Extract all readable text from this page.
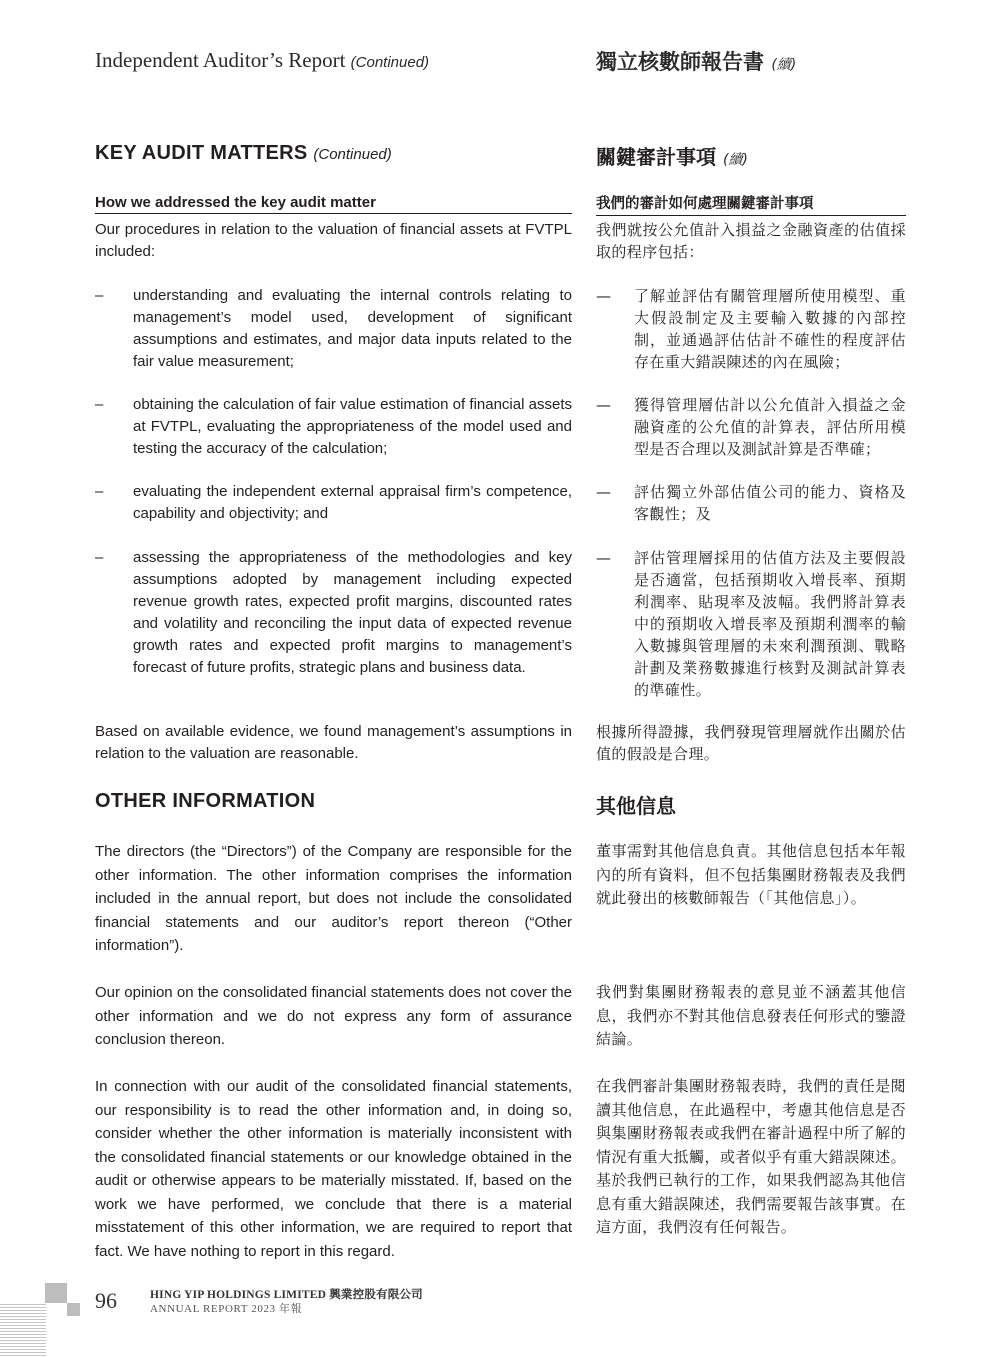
Independent Auditor’s Report (Continued)	獨立核數師報告書 (續)
KEY AUDIT MATTERS (Continued)	關鍵審計事項 (續)
How we addressed the key audit matter	我們的審計如何處理關鍵審計事項
Our procedures in relation to the valuation of financial assets at FVTPL included:
我們就按公允值計入損益之金融資產的估值採取的程序包括：
– understanding and evaluating the internal controls relating to management’s model used, development of significant assumptions and estimates, and major data inputs related to the fair value measurement;
— 了解並評估有關管理層所使用模型、重大假設制定及主要輸入數據的內部控制，並通過評估估計不確性的程度評估存在重大錯誤陳述的內在風險；
– obtaining the calculation of fair value estimation of financial assets at FVTPL, evaluating the appropriateness of the model used and testing the accuracy of the calculation;
— 獲得管理層估計以公允值計入損益之金融資產的公允值的計算表，評估所用模型是否合理以及測試計算是否準確；
– evaluating the independent external appraisal firm’s competence, capability and objectivity; and
— 評估獨立外部估值公司的能力、資格及客觀性；及
– assessing the appropriateness of the methodologies and key assumptions adopted by management including expected revenue growth rates, expected profit margins, discounted rates and volatility and reconciling the input data of expected revenue growth rates and expected profit margins to management’s forecast of future profits, strategic plans and business data.
— 評估管理層採用的估值方法及主要假設是否適當，包括預期收入增長率、預期利潤率、貼現率及波幅。我們將計算表中的預期收入增長率及預期利潤率的輸入數據與管理層的未來利潤預測、戰略計劃及業務數據進行核對及測試計算表的準確性。
Based on available evidence, we found management’s assumptions in relation to the valuation are reasonable.
根據所得證據，我們發現管理層就作出關於估值的假設是合理。
OTHER INFORMATION	其他信息
The directors (the “Directors”) of the Company are responsible for the other information. The other information comprises the information included in the annual report, but does not include the consolidated financial statements and our auditor’s report thereon (“Other information”).
董事需對其他信息負責。其他信息包括本年報內的所有資料，但不包括集團財務報表及我們就此發出的核數師報告（「其他信息」）。
Our opinion on the consolidated financial statements does not cover the other information and we do not express any form of assurance conclusion thereon.
我們對集團財務報表的意見並不涵蓋其他信息，我們亦不對其他信息發表任何形式的鑒證結論。
In connection with our audit of the consolidated financial statements, our responsibility is to read the other information and, in doing so, consider whether the other information is materially inconsistent with the consolidated financial statements or our knowledge obtained in the audit or otherwise appears to be materially misstated. If, based on the work we have performed, we conclude that there is a material misstatement of this other information, we are required to report that fact. We have nothing to report in this regard.
在我們審計集團財務報表時，我們的責任是閱讀其他信息，在此過程中，考慮其他信息是否與集團財務報表或我們在審計過程中所了解的情況有重大抵觸，或者似乎有重大錯誤陳述。基於我們已執行的工作，如果我們認為其他信息有重大錯誤陳述，我們需要報告該事實。在這方面，我們沒有任何報告。
96	HING YIP HOLDINGS LIMITED 興業控股有限公司
ANNUAL REPORT 2023 年報
